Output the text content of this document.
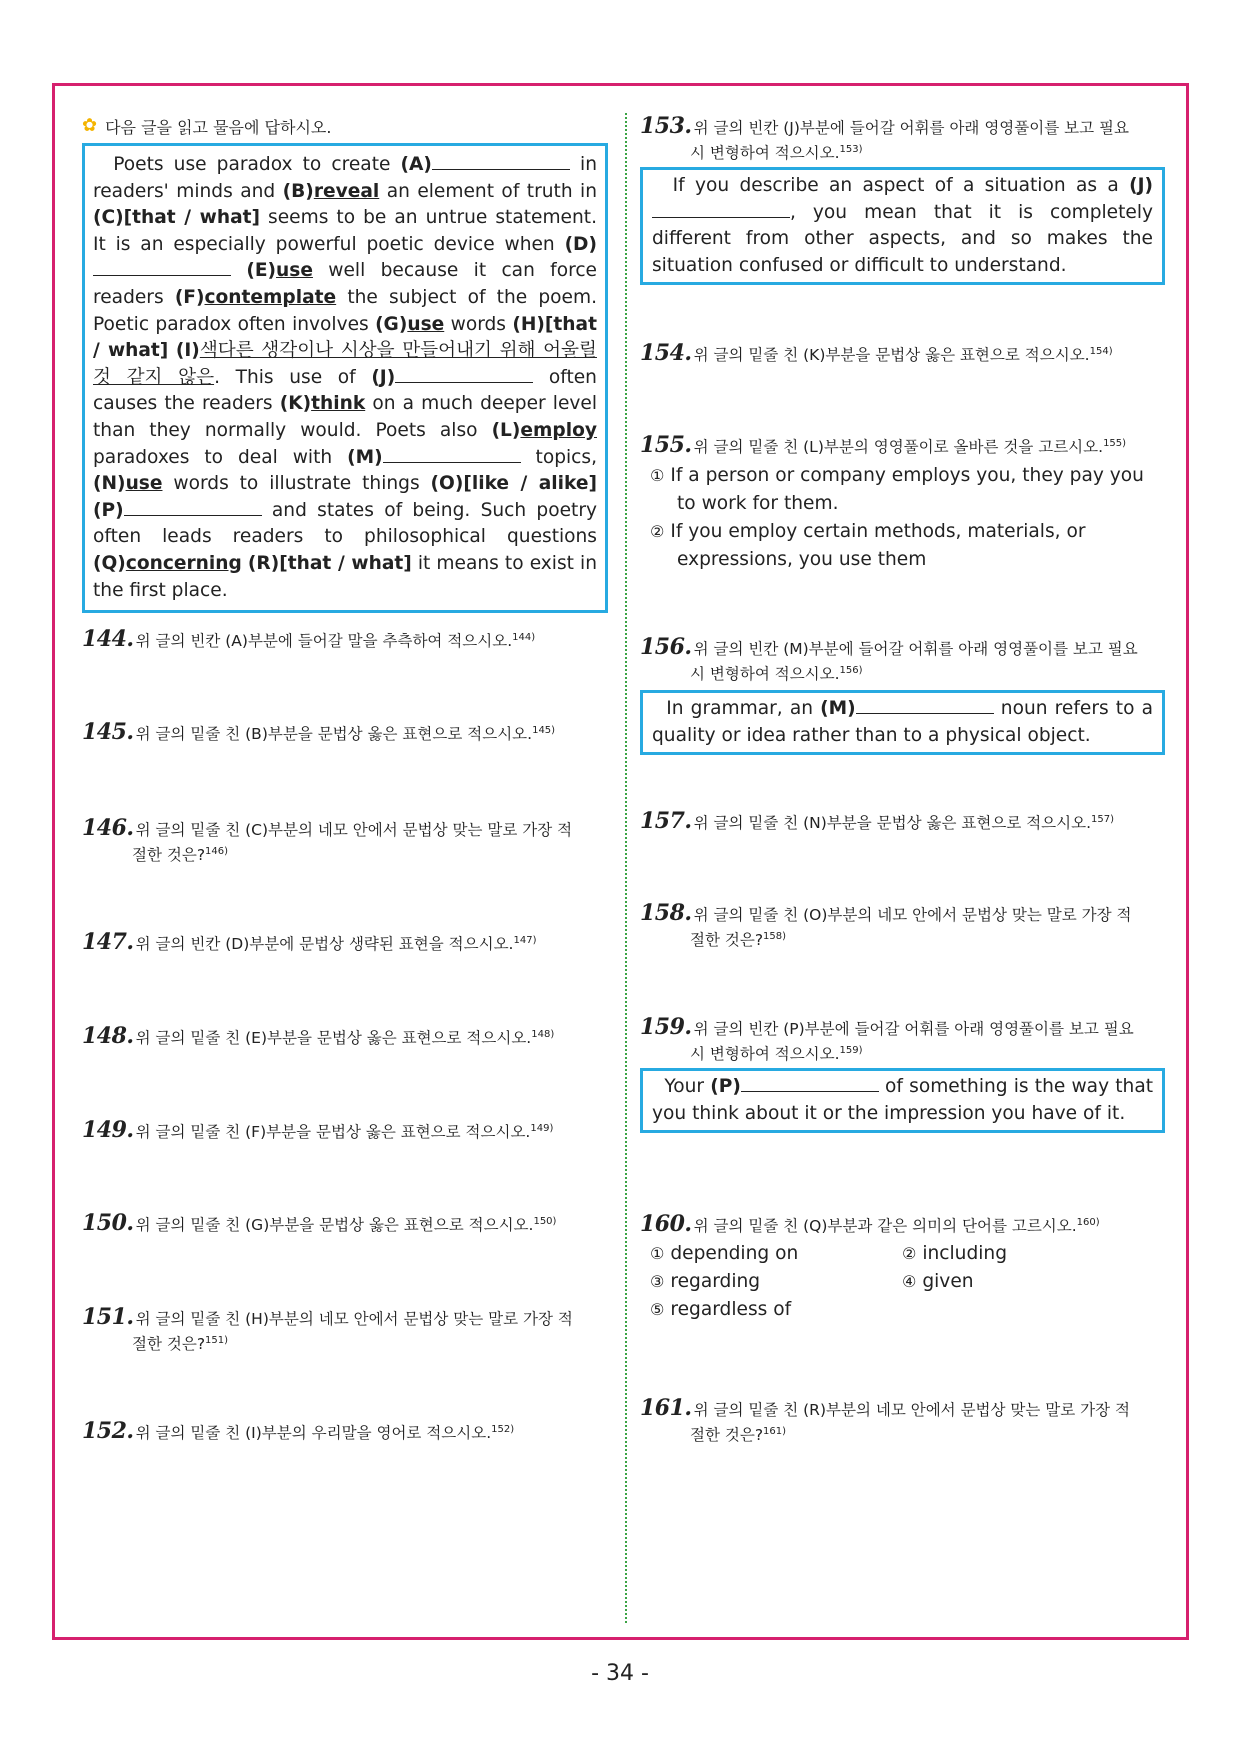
✿ 다음 글을 읽고 물음에 답하시오.
Poets use paradox to create (A)	in readers' minds and (B)reveal an element of truth in (C)[that / what] seems to be an untrue statement. It is an especially powerful poetic device when (D) (E)use well because it can force readers (F)contemplate the subject of the poem. Poetic paradox often involves (G)use words (H)[that / what] (I)색다른 생각이나 시상을 만들어내기 위해 어울릴 것 같지 않은. This use of (J)	often causes the readers (K)think on a much deeper level than they normally would. Poets also (L)employ paradoxes to deal with (M)	topics, (N)use words to illustrate things (O)[like / alike] (P)	and states of being. Such poetry often leads readers to philosophical questions (Q)concerning (R)[that / what] it means to exist in the first place.
144. 위 글의 빈칸 (A)부분에 들어갈 말을 추측하여 적으시오.$^{144)}$
145. 위 글의 밑줄 친 (B)부분을 문법상 옳은 표현으로 적으시오.$^{145)}$
146. 위 글의 밑줄 친 (C)부분의 네모 안에서 문법상 맞는 말로 가장 적
절한 것은?$^{146)}$
147. 위 글의 빈칸 (D)부분에 문법상 생략된 표현을 적으시오.$^{147)}$
148. 위 글의 밑줄 친 (E)부분을 문법상 옳은 표현으로 적으시오.$^{148)}$
149. 위 글의 밑줄 친 (F)부분을 문법상 옳은 표현으로 적으시오.$^{149)}$
150. 위 글의 밑줄 친 (G)부분을 문법상 옳은 표현으로 적으시오.$^{150)}$
151. 위 글의 밑줄 친 (H)부분의 네모 안에서 문법상 맞는 말로 가장 적
절한 것은?$^{151)}$
152. 위 글의 밑줄 친 (I)부분의 우리말을 영어로 적으시오.$^{152)}$
153. 위 글의 빈칸 (J)부분에 들어갈 어휘를 아래 영영풀이를 보고 필요
시 변형하여 적으시오.$^{153)}$
If you describe an aspect of a situation as a (J), you mean that it is completely different from other aspects, and so makes the situation confused or difficult to understand.
154. 위 글의 밑줄 친 (K)부분을 문법상 옳은 표현으로 적으시오.$^{154)}$
155. 위 글의 밑줄 친 (L)부분의 영영풀이로 올바른 것을 고르시오.$^{155)}$
① If a person or company employs you, they pay you to work for them.
② If you employ certain methods, materials, or expressions, you use them
156. 위 글의 빈칸 (M)부분에 들어갈 어휘를 아래 영영풀이를 보고 필요
시 변형하여 적으시오.$^{156)}$
In grammar, an (M)	noun refers to a quality or idea rather than to a physical object.
157. 위 글의 밑줄 친 (N)부분을 문법상 옳은 표현으로 적으시오.$^{157)}$
158. 위 글의 밑줄 친 (O)부분의 네모 안에서 문법상 맞는 말로 가장 적
절한 것은?$^{158)}$
159. 위 글의 빈칸 (P)부분에 들어갈 어휘를 아래 영영풀이를 보고 필요
시 변형하여 적으시오.$^{159)}$
Your (P)	of something is the way that you think about it or the impression you have of it.
160. 위 글의 밑줄 친 (Q)부분과 같은 의미의 단어를 고르시오.$^{160)}$
① depending on	② including
③ regarding	④ given
⑤ regardless of
161. 위 글의 밑줄 친 (R)부분의 네모 안에서 문법상 맞는 말로 가장 적
절한 것은?$^{161)}$
- 34 -
